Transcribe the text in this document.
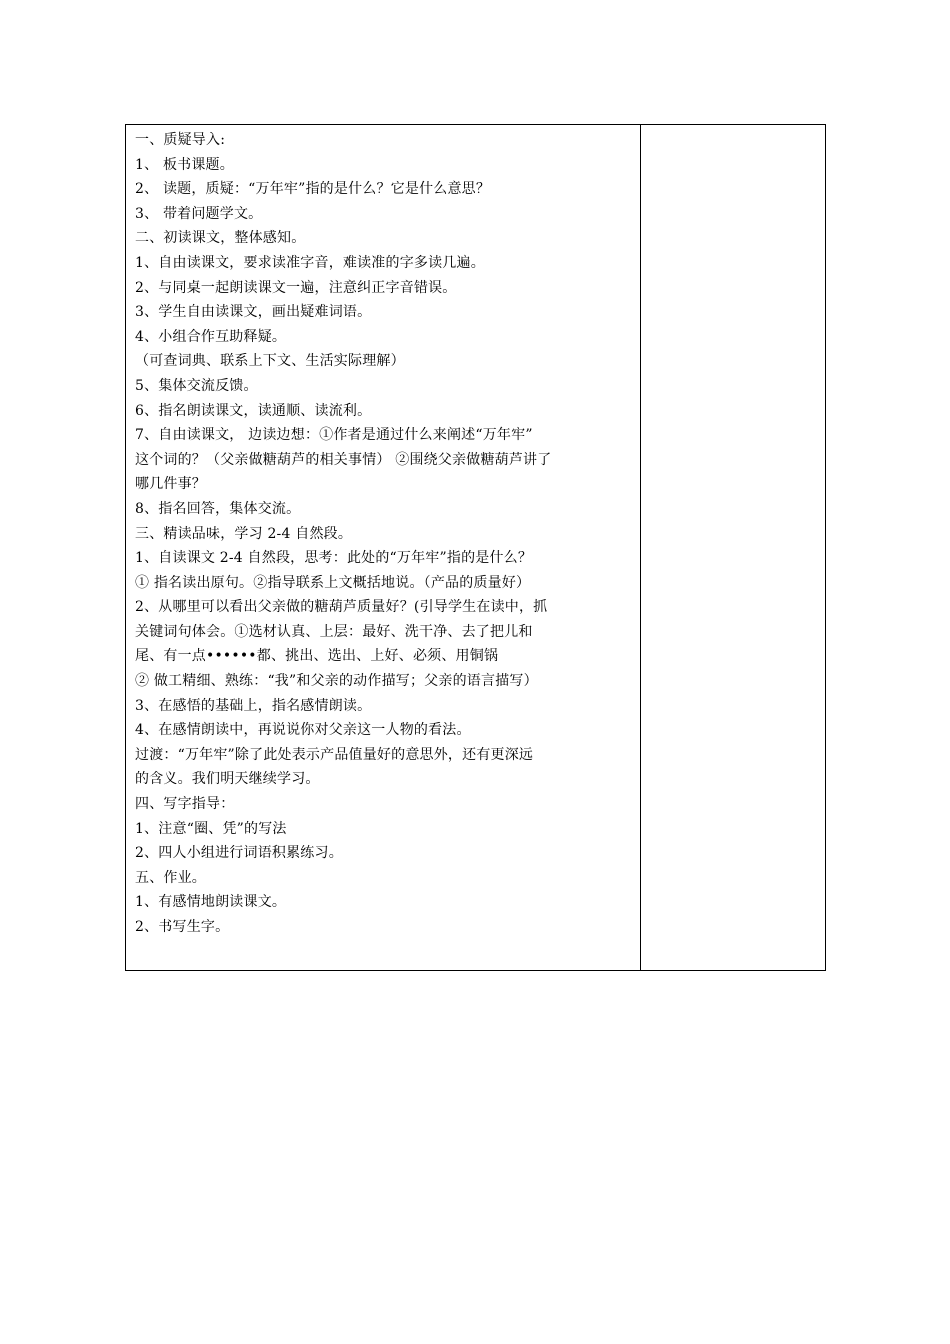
一、质疑导入:
1、 板书课题。
2、 读题，质疑：“万年牢”指的是什么？它是什么意思？
3、 带着问题学文。
二、初读课文，整体感知。
1、自由读课文，要求读准字音，难读准的字多读几遍。
2、与同桌一起朗读课文一遍，注意纠正字音错误。
3、学生自由读课文，画出疑难词语。
4、小组合作互助释疑。
（可查词典、联系上下文、生活实际理解）
5、集体交流反馈。
6、指名朗读课文，读通顺、读流利。
7、自由读课文， 边读边想：①作者是通过什么来阐述“万年牢”
这个词的？（父亲做糖葫芦的相关事情） ②围绕父亲做糖葫芦讲了
哪几件事？
8、指名回答，集体交流。
三、精读品味，学习 2-4 自然段。
1、自读课文 2-4 自然段，思考：此处的“万年牢”指的是什么？
① 指名读出原句。②指导联系上文概括地说。（产品的质量好）
2、从哪里可以看出父亲做的糖葫芦质量好？(引导学生在读中，抓
关键词句体会。①选材认真、上层：最好、洗干净、去了把儿和
尾、有一点••••••都、挑出、选出、上好、必须、用铜锅
② 做工精细、熟练：“我”和父亲的动作描写；父亲的语言描写）
3、在感悟的基础上，指名感情朗读。
4、在感情朗读中，再说说你对父亲这一人物的看法。
过渡：“万年牢”除了此处表示产品值量好的意思外，还有更深远
的含义。我们明天继续学习。
四、写字指导：
1、注意“圈、凭”的写法
2、四人小组进行词语积累练习。
五、作业。
1、有感情地朗读课文。
2、书写生字。
